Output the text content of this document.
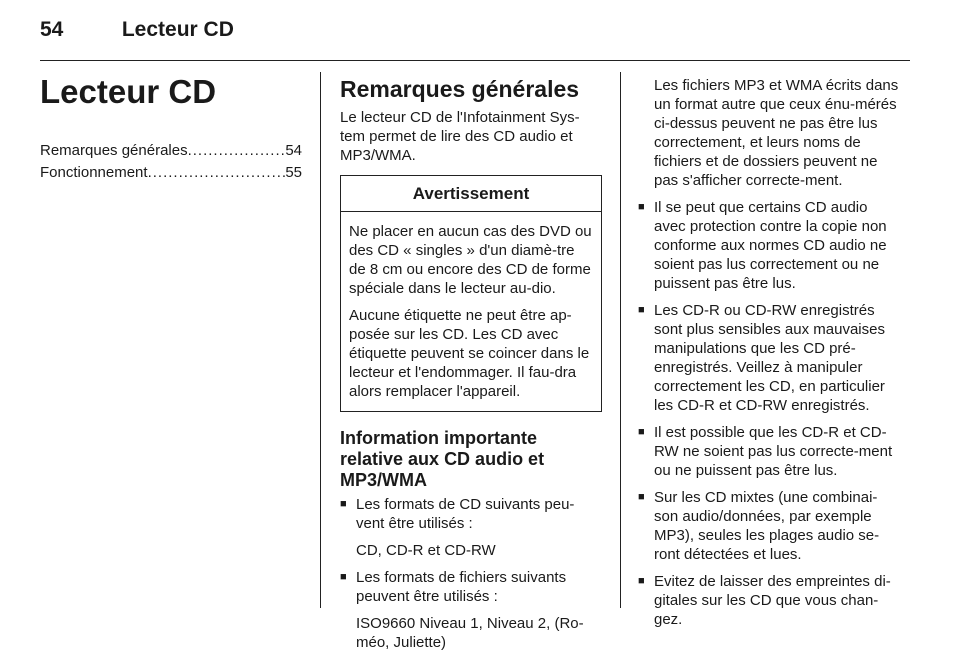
54	Lecteur CD
Lecteur CD
Remarques générales .....	54
Fonctionnement .....	55
Remarques générales

Le lecteur CD de l'Infotainment Sys-tem permet de lire des CD audio et MP3/WMA.

Avertissement

Ne placer en aucun cas des DVD ou des CD « singles » d'un diamè-tre de 8 cm ou encore des CD de forme spéciale dans le lecteur au-dio.

Aucune étiquette ne peut être ap-posée sur les CD. Les CD avec étiquette peuvent se coincer dans le lecteur et l'endommager. Il fau-dra alors remplacer l'appareil.

Information importante relative aux CD audio et MP3/WMA
■ Les formats de CD suivants peu-vent être utilisés :
CD, CD-R et CD-RW
■ Les formats de fichiers suivants peuvent être utilisés :
ISO9660 Niveau 1, Niveau 2, (Ro-méo, Juliette)
Les fichiers MP3 et WMA écrits dans un format autre que ceux énu-mérés ci-dessus peuvent ne pas être lus correctement, et leurs noms de fichiers et de dossiers peuvent ne pas s'afficher correcte-ment.
■ Il se peut que certains CD audio avec protection contre la copie non conforme aux normes CD audio ne soient pas lus correctement ou ne puissent pas être lus.
■ Les CD-R ou CD-RW enregistrés sont plus sensibles aux mauvaises manipulations que les CD pré-enregistrés. Veillez à manipuler correctement les CD, en particulier les CD-R et CD-RW enregistrés.
■ Il est possible que les CD-R et CD-RW ne soient pas lus correcte-ment ou ne puissent pas être lus.
■ Sur les CD mixtes (une combinai-son audio/données, par exemple MP3), seules les plages audio se-ront détectées et lues.
■ Evitez de laisser des empreintes di-gitales sur les CD que vous chan-gez.
